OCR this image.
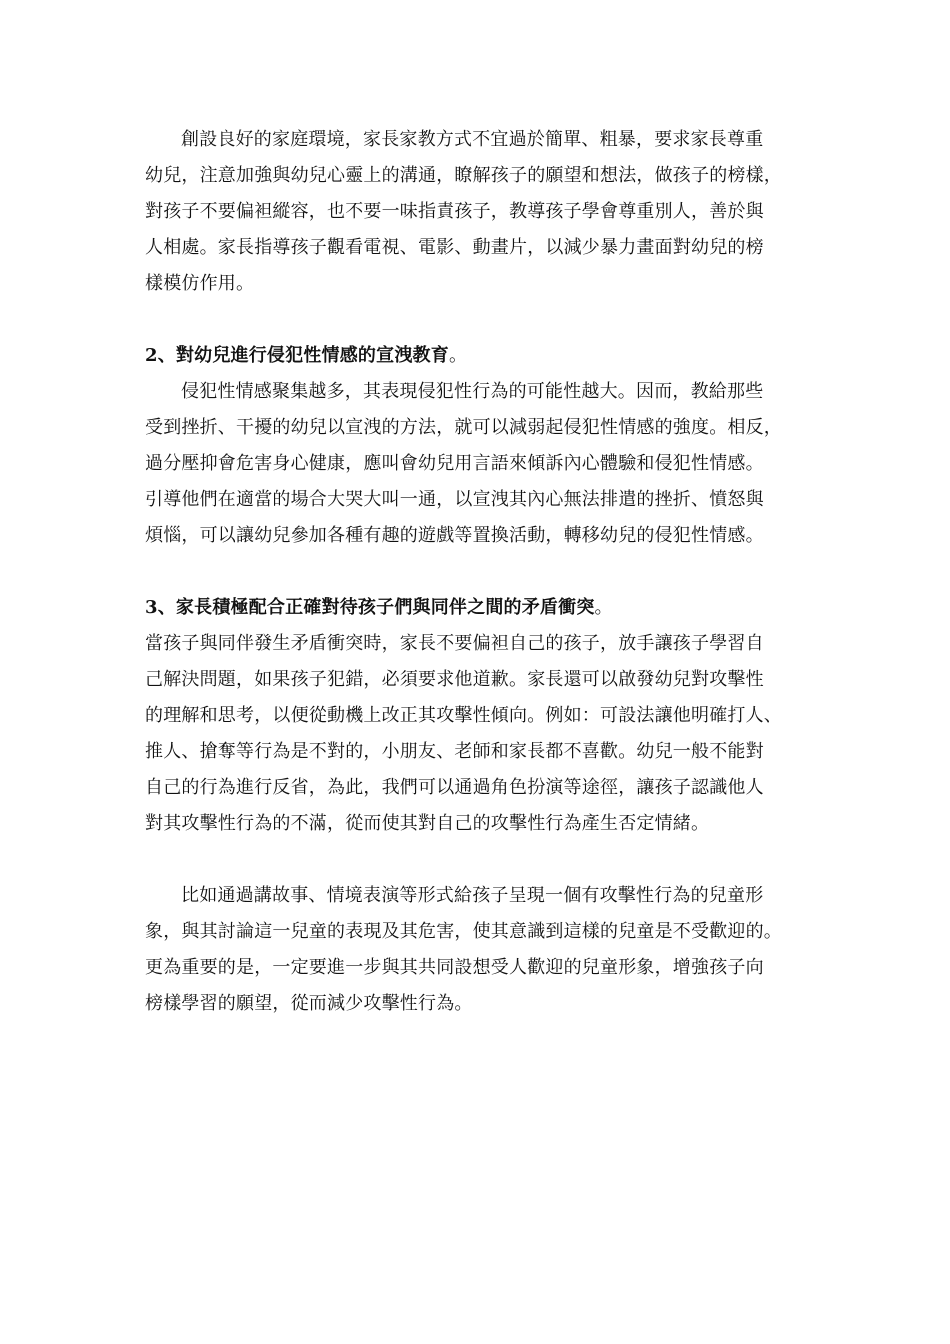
創設良好的家庭環境，家長家教方式不宜過於簡單、粗暴，要求家長尊重
幼兒，注意加強與幼兒心靈上的溝通，瞭解孩子的願望和想法，做孩子的榜樣，
對孩子不要偏袒縱容，也不要一味指責孩子，教導孩子學會尊重別人，善於與
人相處。家長指導孩子觀看電視、電影、動畫片，以減少暴力畫面對幼兒的榜
樣模仿作用。
2、對幼兒進行侵犯性情感的宣洩教育。
侵犯性情感聚集越多，其表現侵犯性行為的可能性越大。因而，教給那些
受到挫折、干擾的幼兒以宣洩的方法，就可以減弱起侵犯性情感的強度。相反，
過分壓抑會危害身心健康，應叫會幼兒用言語來傾訴內心體驗和侵犯性情感。
引導他們在適當的場合大哭大叫一通，以宣洩其內心無法排遣的挫折、憤怒與
煩惱，可以讓幼兒參加各種有趣的遊戲等置換活動，轉移幼兒的侵犯性情感。
3、家長積極配合正確對待孩子們與同伴之間的矛盾衝突。
當孩子與同伴發生矛盾衝突時，家長不要偏袒自己的孩子，放手讓孩子學習自
己解決問題，如果孩子犯錯，必須要求他道歉。家長還可以啟發幼兒對攻擊性
的理解和思考，以便從動機上改正其攻擊性傾向。例如：可設法讓他明確打人、
推人、搶奪等行為是不對的，小朋友、老師和家長都不喜歡。幼兒一般不能對
自己的行為進行反省，為此，我們可以通過角色扮演等途徑，讓孩子認識他人
對其攻擊性行為的不滿，從而使其對自己的攻擊性行為產生否定情緒。
比如通過講故事、情境表演等形式給孩子呈現一個有攻擊性行為的兒童形
象，與其討論這一兒童的表現及其危害，使其意識到這樣的兒童是不受歡迎的。
更為重要的是，一定要進一步與其共同設想受人歡迎的兒童形象，增強孩子向
榜樣學習的願望，從而減少攻擊性行為。
